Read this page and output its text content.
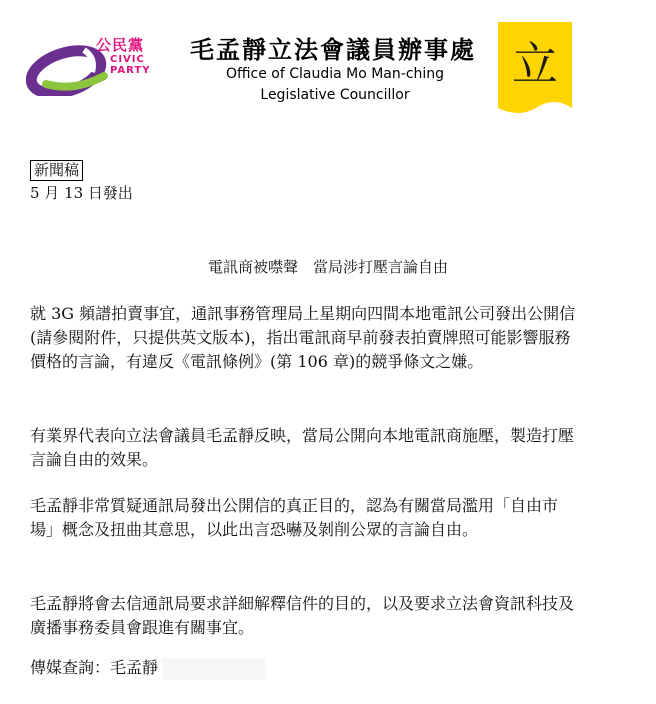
公民黨
CIVIC
PARTY
毛孟靜立法會議員辦事處
Office of Claudia Mo Man-ching
Legislative Councillor
立
新聞稿
5 月 13 日發出
電訊商被噤聲　當局涉打壓言論自由

就 3G 頻譜拍賣事宜，通訊事務管理局上星期向四間本地電訊公司發出公開信(請參閱附件，只提供英文版本)，指出電訊商早前發表拍賣牌照可能影響服務價格的言論，有違反《電訊條例》(第 106 章)的競爭條文之嫌。

有業界代表向立法會議員毛孟靜反映，當局公開向本地電訊商施壓，製造打壓言論自由的效果。

毛孟靜非常質疑通訊局發出公開信的真正目的，認為有關當局濫用「自由市場」概念及扭曲其意思，以此出言恐嚇及剝削公眾的言論自由。

毛孟靜將會去信通訊局要求詳細解釋信件的目的，以及要求立法會資訊科技及廣播事務委員會跟進有關事宜。

傳媒查詢：毛孟靜
